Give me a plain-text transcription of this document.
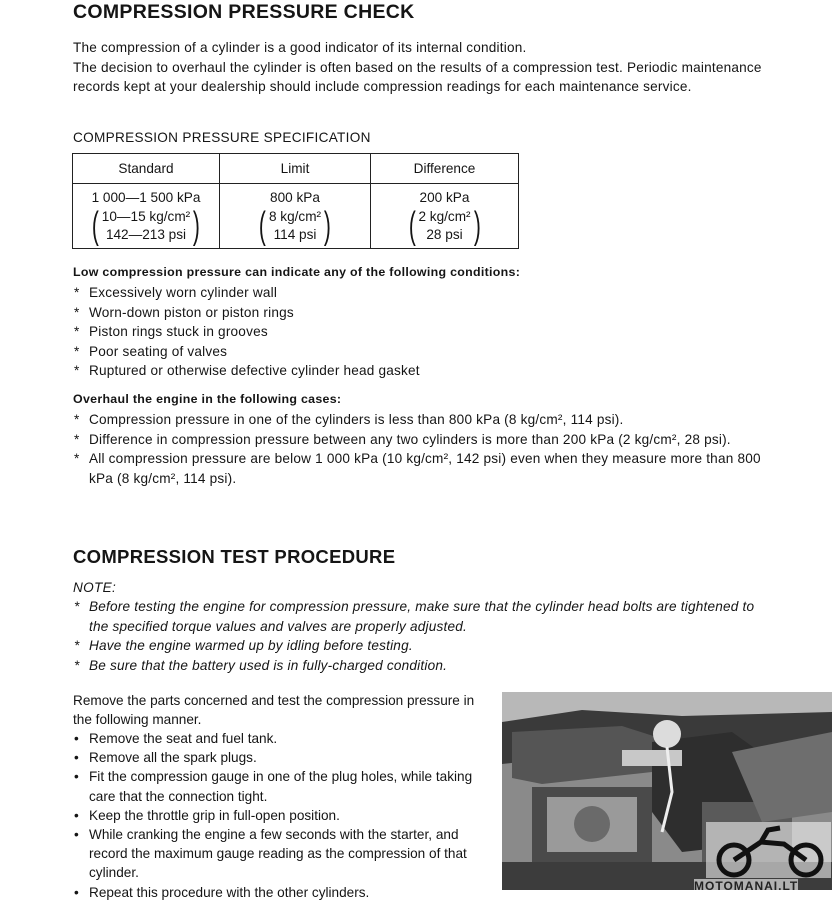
COMPRESSION PRESSURE CHECK

The compression of a cylinder is a good indicator of its internal condition.

The decision to overhaul the cylinder is often based on the results of a compression test. Periodic maintenance records kept at your dealership should include compression readings for each maintenance service.

COMPRESSION PRESSURE SPECIFICATION
Standard	Limit	Difference

1 000—1 500 kPa
( 10—15 kg/cm²
142—213 psi )	800 kPa
( 8 kg/cm²
114 psi )	200 kPa
( 2 kg/cm²
28 psi )
Low compression pressure can indicate any of the following conditions:
* Excessively worn cylinder wall
* Worn-down piston or piston rings
* Piston rings stuck in grooves
* Poor seating of valves
* Ruptured or otherwise defective cylinder head gasket
Overhaul the engine in the following cases:
* Compression pressure in one of the cylinders is less than 800 kPa (8 kg/cm², 114 psi).
* Difference in compression pressure between any two cylinders is more than 200 kPa (2 kg/cm², 28 psi).
* All compression pressure are below 1 000 kPa (10 kg/cm², 142 psi) even when they measure more than 800 kPa (8 kg/cm², 114 psi).
COMPRESSION TEST PROCEDURE
NOTE:
* Before testing the engine for compression pressure, make sure that the cylinder head bolts are tightened to the specified torque values and valves are properly adjusted.
* Have the engine warmed up by idling before testing.
* Be sure that the battery used is in fully-charged condition.

Remove the parts concerned and test the compression pressure in the following manner.

• Remove the seat and fuel tank.
• Remove all the spark plugs.
• Fit the compression gauge in one of the plug holes, while taking care that the connection tight.
• Keep the throttle grip in full-open position.
• While cranking the engine a few seconds with the starter, and record the maximum gauge reading as the compression of that cylinder.
• Repeat this procedure with the other cylinders.	MOTOMANAI.LT
